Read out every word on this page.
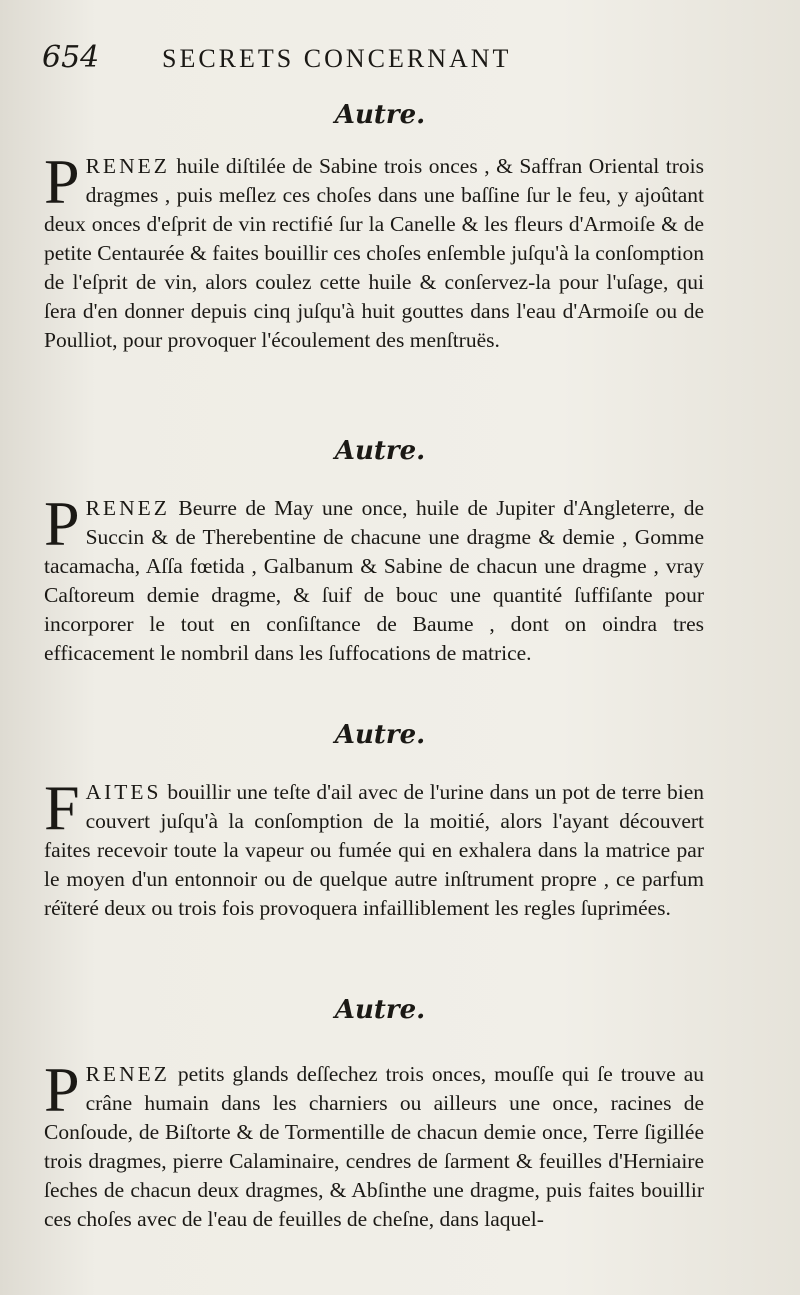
654 SECRETS CONCERNANT
Autre.
PRENEZ huile diſtilée de Sabine trois onces , & Saffran Oriental trois dragmes , puis meſlez ces choſes dans une baſſine ſur le feu, y ajoûtant deux onces d'eſprit de vin rectifié ſur la Canelle & les fleurs d'Armoiſe & de petite Centaurée & faites bouillir ces choſes enſemble juſqu'à la conſomption de l'eſprit de vin, alors coulez cette huile & conſervez-la pour l'uſage, qui ſera d'en donner depuis cinq juſqu'à huit gouttes dans l'eau d'Armoiſe ou de Poulliot, pour provoquer l'écoulement des menſtruës.
Autre.
PRENEZ Beurre de May une once, huile de Jupiter d'Angleterre, de Succin & de Therebentine de chacune une dragme & demie , Gomme tacamacha, Aſſa fœtida , Galbanum & Sabine de chacun une dragme , vray Caſtoreum demie dragme, & ſuif de bouc une quantité ſuffiſante pour incorporer le tout en conſiſtance de Baume , dont on oindra tres efficacement le nombril dans les ſuffocations de matrice.
Autre.
FAITES bouillir une teſte d'ail avec de l'urine dans un pot de terre bien couvert juſqu'à la conſomption de la moitié, alors l'ayant découvert faites recevoir toute la vapeur ou fumée qui en exhalera dans la matrice par le moyen d'un entonnoir ou de quelque autre inſtrument propre , ce parfum réïteré deux ou trois fois provoquera infailliblement les regles ſuprimées.
Autre.
PRENEZ petits glands deſſechez trois onces, mouſſe qui ſe trouve au crâne humain dans les charniers ou ailleurs une once, racines de Conſoude, de Biſtorte & de Tormentille de chacun demie once, Terre ſigillée trois dragmes, pierre Calaminaire, cendres de ſarment & feuilles d'Herniaire ſeches de chacun deux dragmes, & Abſinthe une dragme, puis faites bouillir ces choſes avec de l'eau de feuilles de cheſne, dans laquel-
